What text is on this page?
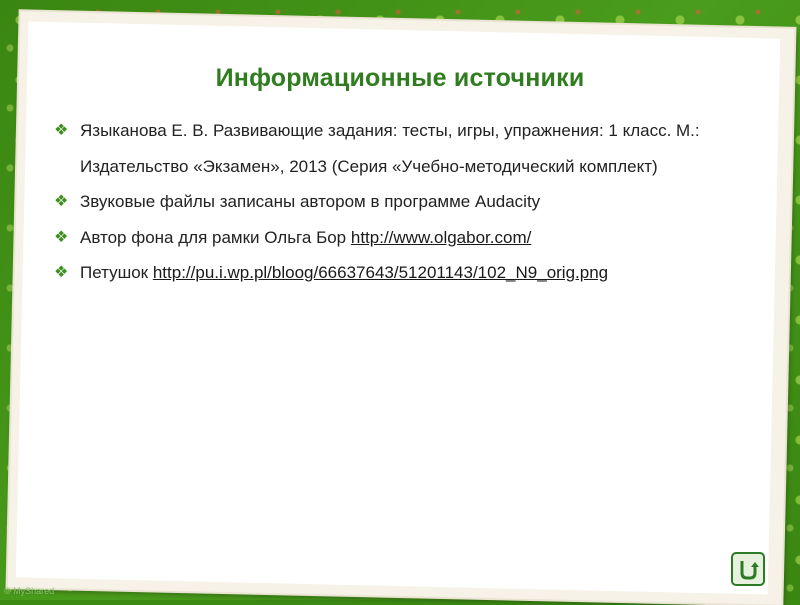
Информационные источники
❖ Языканова Е. В. Развивающие задания: тесты, игры, упражнения: 1 класс. М.: Издательство «Экзамен», 2013 (Серия «Учебно-методический комплект)
❖ Звуковые файлы записаны автором в программе Audacity
❖ Автор фона для рамки Ольга Бор http://www.olgabor.com/
❖ Петушок http://pu.i.wp.pl/bloog/66637643/51201143/102_N9_orig.png
© MyShared
